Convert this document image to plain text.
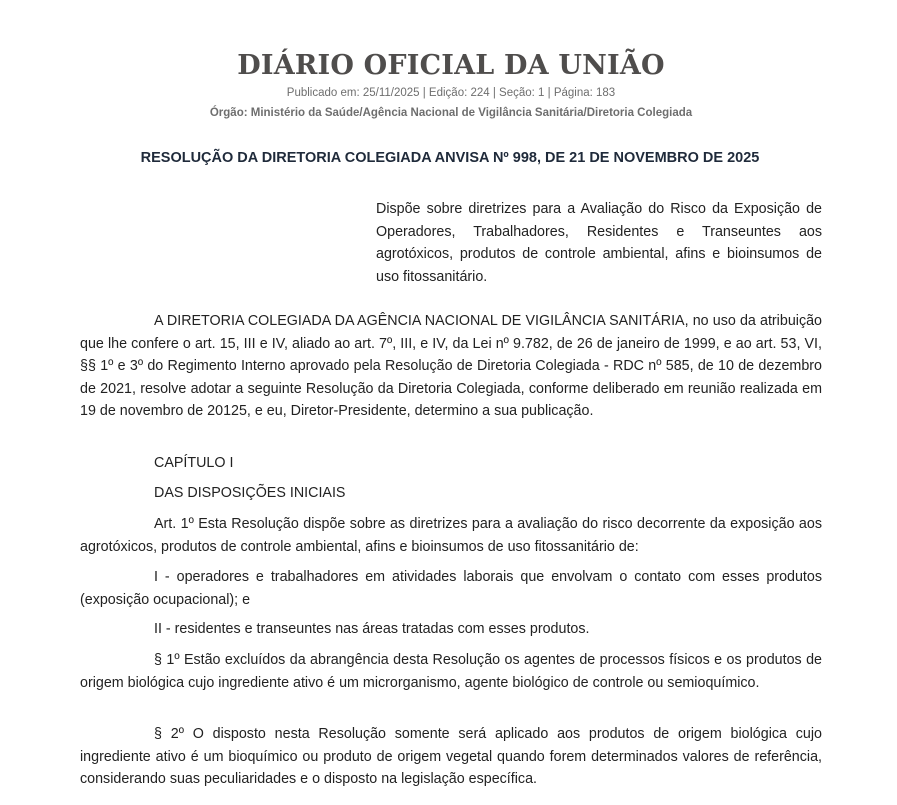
DIÁRIO OFICIAL DA UNIÃO
Publicado em: 25/11/2025 | Edição: 224 | Seção: 1 | Página: 183
Órgão: Ministério da Saúde/Agência Nacional de Vigilância Sanitária/Diretoria Colegiada
RESOLUÇÃO DA DIRETORIA COLEGIADA ANVISA Nº 998, DE 21 DE NOVEMBRO DE 2025
Dispõe sobre diretrizes para a Avaliação do Risco da Exposição de Operadores, Trabalhadores, Residentes e Transeuntes aos agrotóxicos, produtos de controle ambiental, afins e bioinsumos de uso fitossanitário.
A DIRETORIA COLEGIADA DA AGÊNCIA NACIONAL DE VIGILÂNCIA SANITÁRIA, no uso da atribuição que lhe confere o art. 15, III e IV, aliado ao art. 7º, III, e IV, da Lei nº 9.782, de 26 de janeiro de 1999, e ao art. 53, VI, §§ 1º e 3º do Regimento Interno aprovado pela Resolução de Diretoria Colegiada - RDC nº 585, de 10 de dezembro de 2021, resolve adotar a seguinte Resolução da Diretoria Colegiada, conforme deliberado em reunião realizada em 19 de novembro de 20125, e eu, Diretor-Presidente, determino a sua publicação.
CAPÍTULO I
DAS DISPOSIÇÕES INICIAIS
Art. 1º Esta Resolução dispõe sobre as diretrizes para a avaliação do risco decorrente da exposição aos agrotóxicos, produtos de controle ambiental, afins e bioinsumos de uso fitossanitário de:
I - operadores e trabalhadores em atividades laborais que envolvam o contato com esses produtos (exposição ocupacional); e
II - residentes e transeuntes nas áreas tratadas com esses produtos.
§ 1º Estão excluídos da abrangência desta Resolução os agentes de processos físicos e os produtos de origem biológica cujo ingrediente ativo é um microrganismo, agente biológico de controle ou semioquímico.
§ 2º O disposto nesta Resolução somente será aplicado aos produtos de origem biológica cujo ingrediente ativo é um bioquímico ou produto de origem vegetal quando forem determinados valores de referência, considerando suas peculiaridades e o disposto na legislação específica.
